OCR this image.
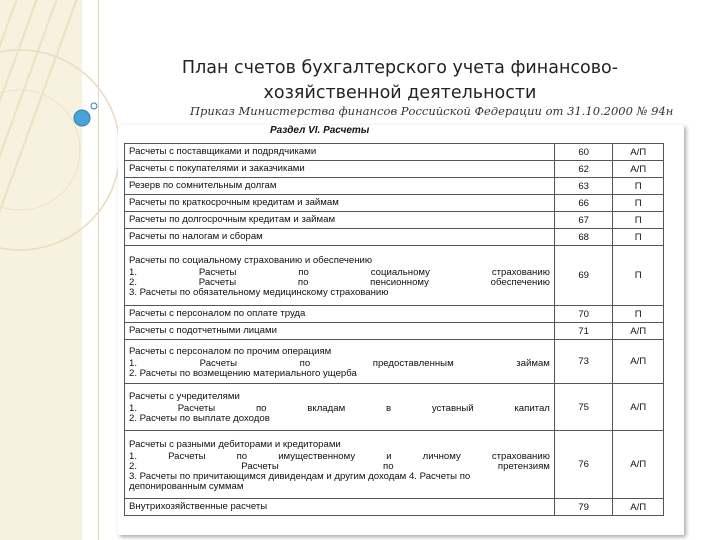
План счетов бухгалтерского учета финансово-
хозяйственной деятельности
Приказ Министерства финансов Российской Федерации от 31.10.2000 № 94н
Раздел VI. Расчеты
Расчеты с поставщиками и подрядчиками	60	А/П

Расчеты с покупателями и заказчиками	62	А/П

Резерв по сомнительным долгам	63	П

Расчеты по краткосрочным кредитам и займам	66	П

Расчеты по долгосрочным кредитам и займам	67	П

Расчеты по налогам и сборам	68	П

Расчеты по социальному страхованию и обеспечению
1. Расчеты по социальному страхованию
2. Расчеты по пенсионному обеспечению
3. Расчеты по обязательному медицинскому страхованию	69	П

Расчеты с персоналом по оплате труда	70	П

Расчеты с подотчетными лицами	71	А/П

Расчеты с персоналом по прочим операциям
1. Расчеты по предоставленным займам
2. Расчеты по возмещению материального ущерба	73	А/П

Расчеты с учредителями
1. Расчеты по вкладам в уставный капитал
2. Расчеты по выплате доходов	75	А/П

Расчеты с разными дебиторами и кредиторами
1. Расчеты по имущественному и личному страхованию
2. Расчеты по претензиям
3. Расчеты по причитающимся дивидендам и другим доходам 4. Расчеты по депонированным суммам	76	А/П

Внутрихозяйственные расчеты	79	А/П
